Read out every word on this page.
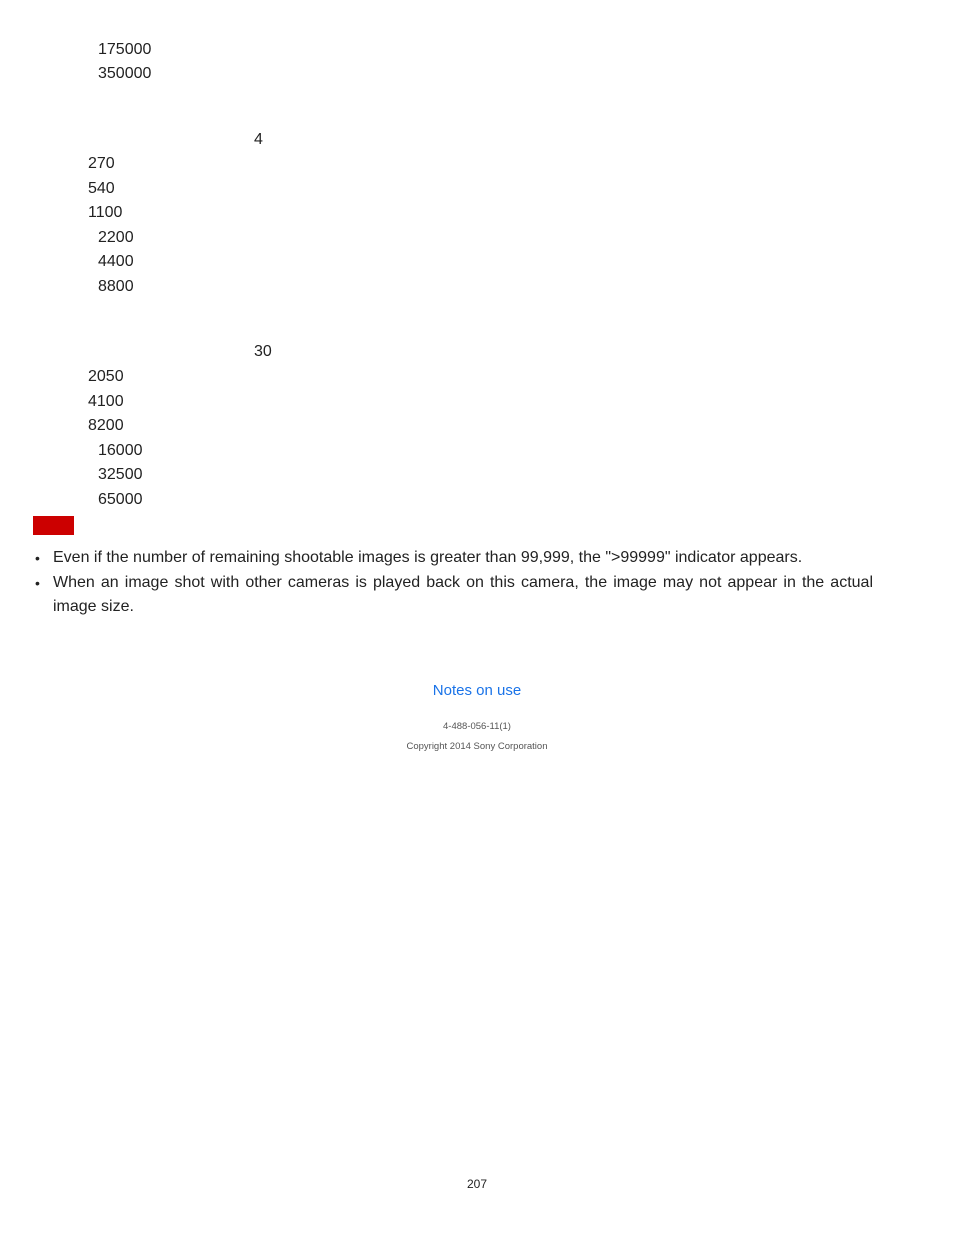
175000
350000
4
270
540
1100
2200
4400
8800
30
2050
4100
8200
16000
32500
65000
• Even if the number of remaining shootable images is greater than 99,999, the ">99999" indicator appears.
• When an image shot with other cameras is played back on this camera, the image may not appear in the actual image size.
Notes on use
4-488-056-11(1)
Copyright 2014 Sony Corporation
207
